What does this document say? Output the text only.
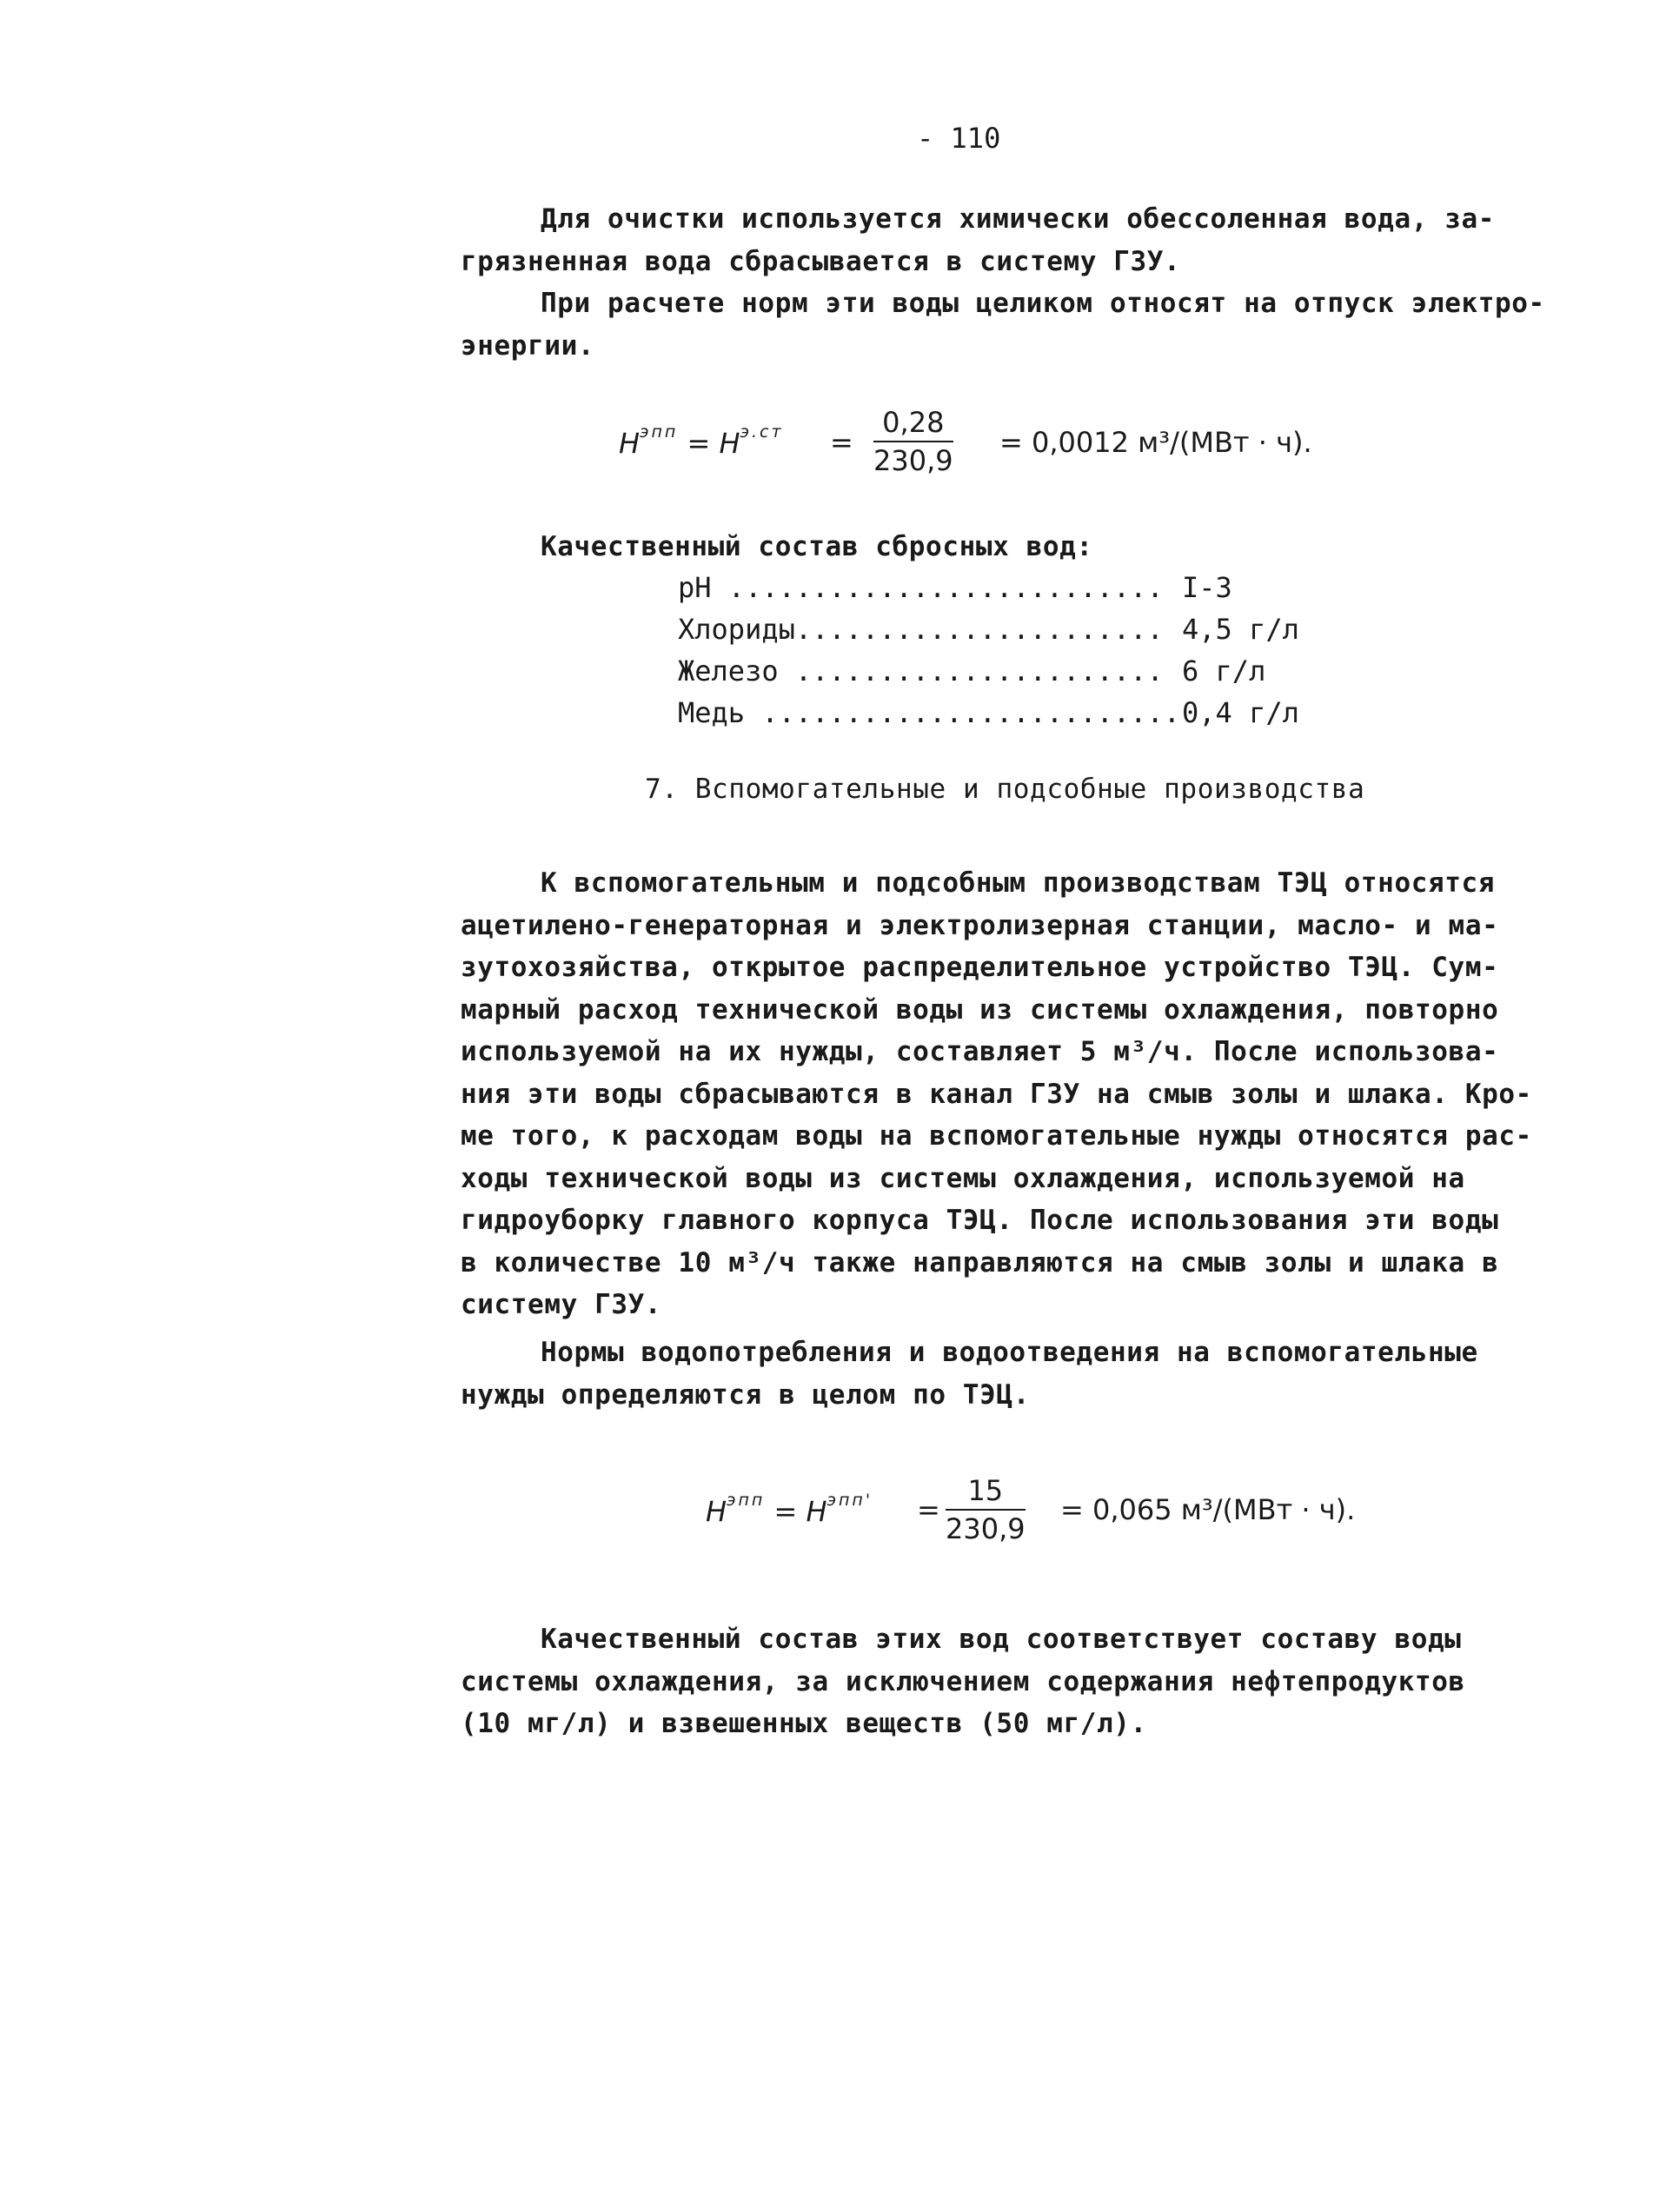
- 110
Для очистки используется химически обессоленная вода, за-
грязненная вода сбрасывается в систему ГЗУ.
При расчете норм эти воды целиком относят на отпуск электро-
энергии.
$H^{эпп} = H^{э.ст} = \frac{0,28}{230,9} = 0,0012$ м³/(МВт · ч).
Качественный состав сбросных вод:
pH .......................... I-3
Хлориды...................... 4,5 г/л
Железо ...................... 6 г/л
Медь ......................... 0,4 г/л
7. Вспомогательные и подсобные производства
К вспомогательным и подсобным производствам ТЭЦ относятся
ацетилено-генераторная и электролизерная станции, масло- и ма-
зутохозяйства, открытое распределительное устройство ТЭЦ. Сум-
марный расход технической воды из системы охлаждения, повторно
используемой на их нужды, составляет 5 м³/ч. После использова-
ния эти воды сбрасываются в канал ГЗУ на смыв золы и шлака. Кро-
ме того, к расходам воды на вспомогательные нужды относятся рас-
ходы технической воды из системы охлаждения, используемой на
гидроуборку главного корпуса ТЭЦ. После использования эти воды
в количестве 10 м³/ч также направляются на смыв золы и шлака в
систему ГЗУ.
Нормы водопотребления и водоотведения на вспомогательные
нужды определяются в целом по ТЭЦ.
$H^{эпп} = H^{эпп'} = \frac{15}{230,9} = 0,065$ м³/(МВт · ч).
Качественный состав этих вод соответствует составу воды
системы охлаждения, за исключением содержания нефтепродуктов
(10 мг/л) и взвешенных веществ (50 мг/л).
